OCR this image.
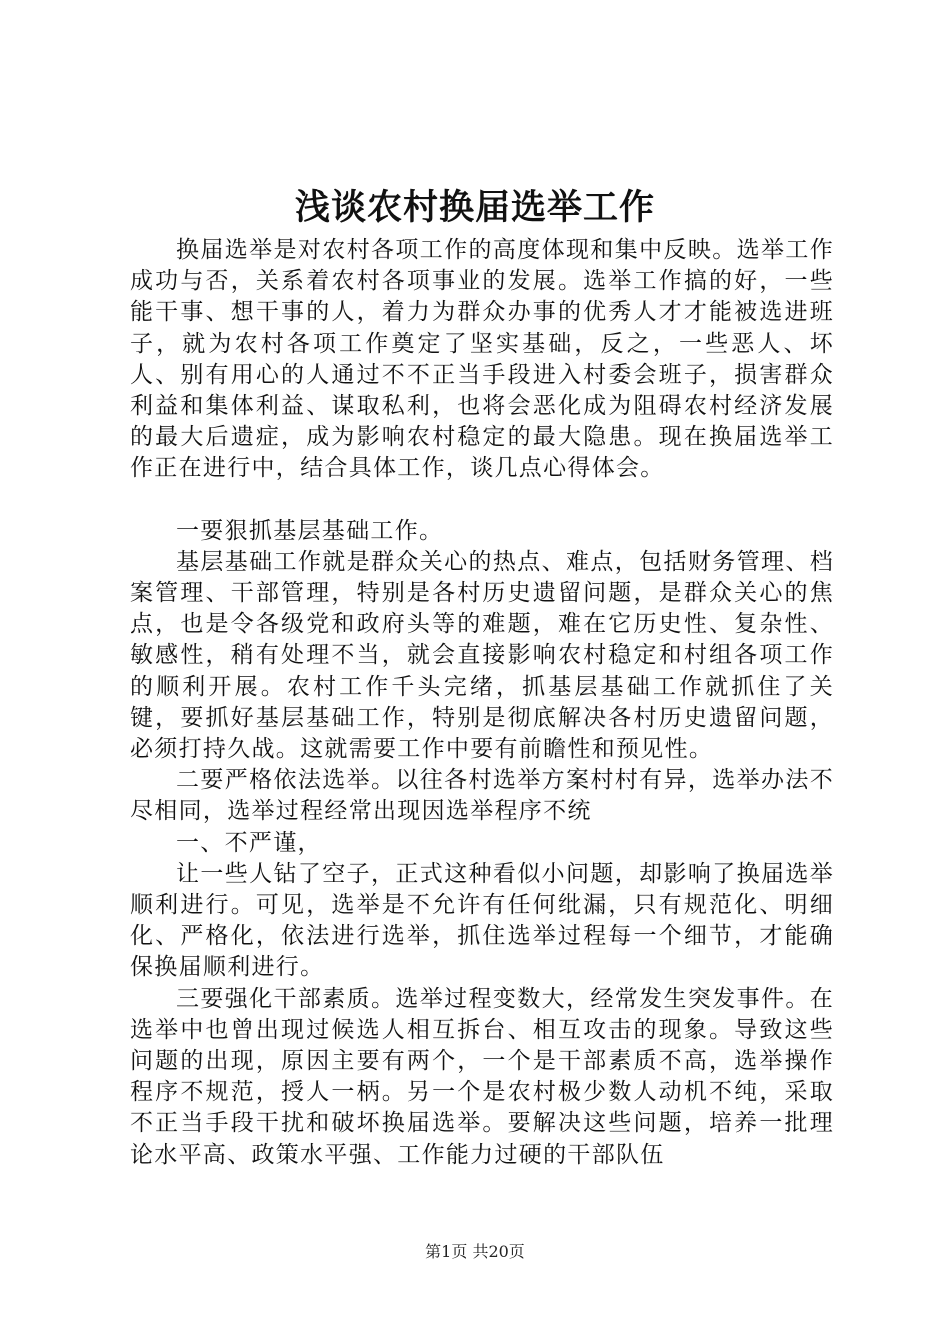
浅谈农村换届选举工作

换届选举是对农村各项工作的高度体现和集中反映。选举工作成功与否，关系着农村各项事业的发展。选举工作搞的好，一些能干事、想干事的人，着力为群众办事的优秀人才才能被选进班子，就为农村各项工作奠定了坚实基础，反之，一些恶人、坏人、别有用心的人通过不不正当手段进入村委会班子，损害群众利益和集体利益、谋取私利，也将会恶化成为阻碍农村经济发展的最大后遗症，成为影响农村稳定的最大隐患。现在换届选举工作正在进行中，结合具体工作，谈几点心得体会。

一要狠抓基层基础工作。

基层基础工作就是群众关心的热点、难点，包括财务管理、档案管理、干部管理，特别是各村历史遗留问题，是群众关心的焦点，也是令各级党和政府头等的难题，难在它历史性、复杂性、敏感性，稍有处理不当，就会直接影响农村稳定和村组各项工作的顺利开展。农村工作千头完绪，抓基层基础工作就抓住了关键，要抓好基层基础工作，特别是彻底解决各村历史遗留问题，必须打持久战。这就需要工作中要有前瞻性和预见性。

二要严格依法选举。以往各村选举方案村村有异，选举办法不尽相同，选举过程经常出现因选举程序不统

一、不严谨，

让一些人钻了空子，正式这种看似小问题，却影响了换届选举顺利进行。可见，选举是不允许有任何纰漏，只有规范化、明细化、严格化，依法进行选举，抓住选举过程每一个细节，才能确保换届顺利进行。

三要强化干部素质。选举过程变数大，经常发生突发事件。在选举中也曾出现过候选人相互拆台、相互攻击的现象。导致这些问题的出现，原因主要有两个，一个是干部素质不高，选举操作程序不规范，授人一柄。另一个是农村极少数人动机不纯，采取不正当手段干扰和破坏换届选举。要解决这些问题，培养一批理论水平高、政策水平强、工作能力过硬的干部队伍

第1页 共20页
